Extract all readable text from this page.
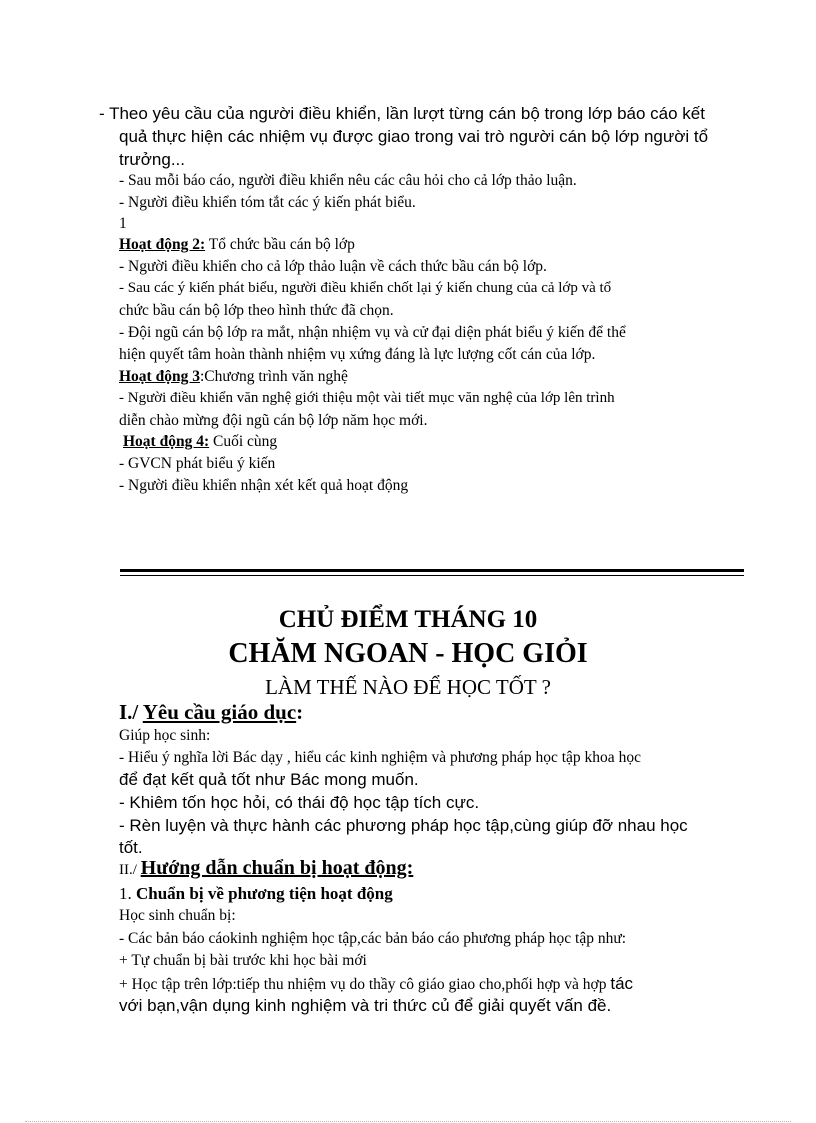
- Theo yêu cầu của người điều khiển, lần lượt từng cán bộ trong lớp báo cáo kết
quả thực hiện các nhiệm vụ được giao trong vai trò người cán bộ lớp người tổ
trưởng...
- Sau mỗi báo cáo, người điều khiển nêu các câu hỏi cho cả lớp thảo luận.
- Người điều khiển tóm tắt các ý kiến phát biểu.
1
Hoạt động 2: Tổ chức bầu cán bộ lớp
- Người điều khiển cho cả lớp thảo luận về cách thức bầu cán bộ lớp.
- Sau các ý kiến phát biểu, người điều khiển chốt lại ý kiến chung của cả lớp và tổ
chức bầu cán bộ lớp theo hình thức đã chọn.
- Đội ngũ cán bộ lớp ra mắt, nhận nhiệm vụ và cử đại diện phát biểu ý kiến để thể
hiện quyết tâm hoàn thành nhiệm vụ xứng đáng là lực lượng cốt cán của lớp.
Hoạt động 3:Chương trình văn nghệ
- Người điều khiển văn nghệ giới thiệu một vài tiết mục văn nghệ của lớp lên trình
diễn chào mừng đội ngũ cán bộ lớp năm học mới.
Hoạt động 4: Cuối cùng
- GVCN phát biểu ý kiến
- Người điều khiển nhận xét kết quả hoạt động
CHỦ ĐIỂM THÁNG 10
CHĂM NGOAN - HỌC GIỎI
LÀM THẾ NÀO ĐỂ HỌC TỐT ?
I./ Yêu cầu giáo dục:
Giúp học sinh:
- Hiểu ý nghĩa lời Bác dạy , hiểu các kinh nghiệm và phương pháp học tập khoa học
để đạt kết quả tốt như Bác mong muốn.
- Khiêm tốn học hỏi, có thái độ học tập tích cực.
- Rèn luyện và thực hành các phương pháp học tập,cùng giúp đỡ nhau học
tốt.
II./ Hướng dẫn chuẩn bị hoạt động:
1. Chuẩn bị về phương tiện hoạt động
Học sinh chuẩn bị:
- Các bản báo cáokinh nghiệm học tập,các bản báo cáo phương pháp học tập như:
+ Tự chuẩn bị bài trước khi học bài mới
+ Học tập trên lớp:tiếp thu nhiệm vụ do thầy cô giáo giao cho,phối hợp và hợp tác
với bạn,vận dụng kinh nghiệm và tri thức củ để giải quyết vấn đề.
